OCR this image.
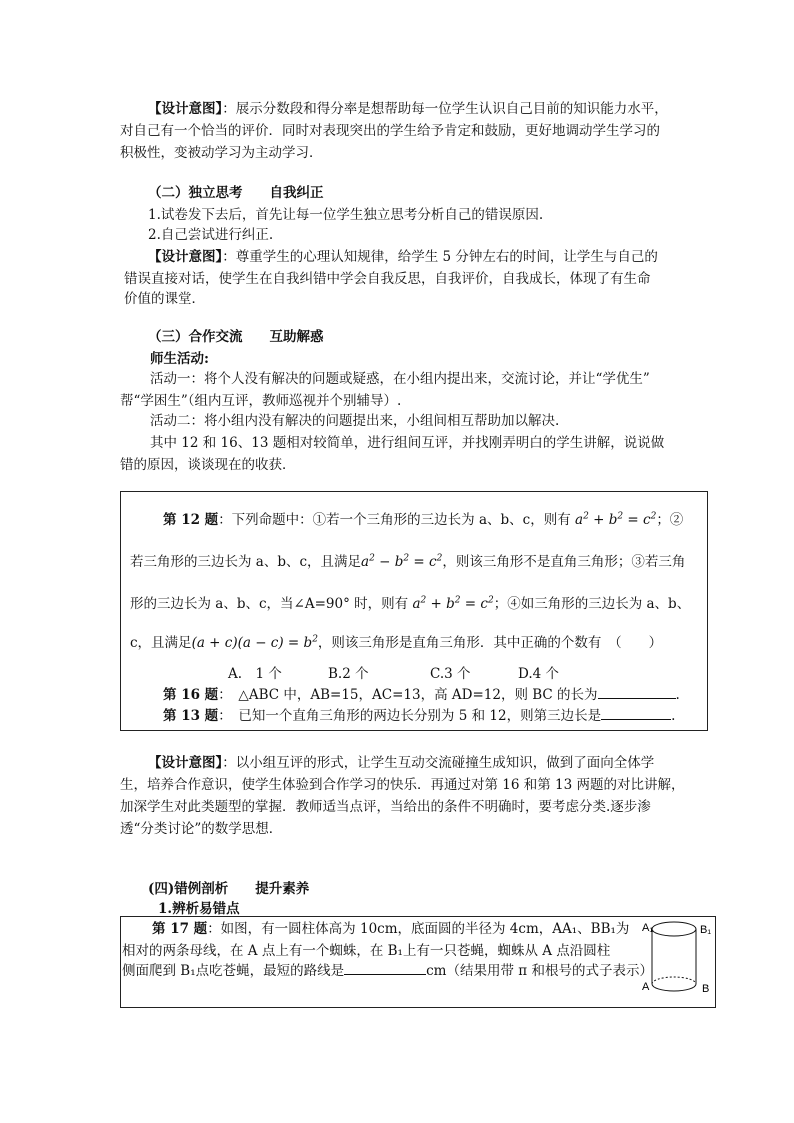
【设计意图】：展示分数段和得分率是想帮助每一位学生认识自己目前的知识能力水平，
对自己有一个恰当的评价．同时对表现突出的学生给予肯定和鼓励，更好地调动学生学习的
积极性，变被动学习为主动学习．
（二）独立思考　　自我纠正
1.试卷发下去后，首先让每一位学生独立思考分析自己的错误原因.
2.自己尝试进行纠正.
【设计意图】：尊重学生的心理认知规律，给学生 5 分钟左右的时间，让学生与自己的
错误直接对话，使学生在自我纠错中学会自我反思，自我评价，自我成长，体现了有生命
价值的课堂．
（三）合作交流　　互助解惑
师生活动:
活动一：将个人没有解决的问题或疑惑，在小组内提出来，交流讨论，并让“学优生”
帮“学困生”（组内互评，教师巡视并个别辅导）.
活动二：将小组内没有解决的问题提出来，小组间相互帮助加以解决.
其中 12 和 16、13 题相对较简单，进行组间互评，并找刚弄明白的学生讲解，说说做
错的原因，谈谈现在的收获．
第 12 题：下列命题中：①若一个三角形的三边长为 a、b、c，则有 $a^2 + b^2 = c^2$；②
若三角形的三边长为 a、b、c，且满足$a^2 - b^2 = c^2$，则该三角形不是直角三角形；③若三角
形的三边长为 a、b、c，当∠A=90° 时，则有 $a^2 + b^2 = c^2$；④如三角形的三边长为 a、b、
c，且满足$(a + c)(a - c) = b^2$，则该三角形是直角三角形．其中正确的个数有　（　　）
A.　1 个	B.2 个	C.3 个	D.4 个
第 16 题：　△ABC 中，AB=15，AC=13，高 AD=12，则 BC 的长为	.
第 13 题：　已知一个直角三角形的两边长分别为 5 和 12，则第三边长是	.
【设计意图】：以小组互评的形式，让学生互动交流碰撞生成知识，做到了面向全体学
生，培养合作意识，使学生体验到合作学习的快乐．再通过对第 16 和第 13 两题的对比讲解，
加深学生对此类题型的掌握．教师适当点评，当给出的条件不明确时，要考虑分类.逐步渗
透“分类讨论”的数学思想．
(四)错例剖析　　提升素养
1.辨析易错点
第 17 题：如图，有一圆柱体高为 10cm，底面圆的半径为 4cm，AA₁、BB₁为
相对的两条母线，在 A 点上有一个蜘蛛，在 B₁上有一只苍蝇，蜘蛛从 A 点沿圆柱
侧面爬到 B₁点吃苍蝇，最短的路线是	cm（结果用带 π 和根号的式子表示）
A₁	B₁
A	B
